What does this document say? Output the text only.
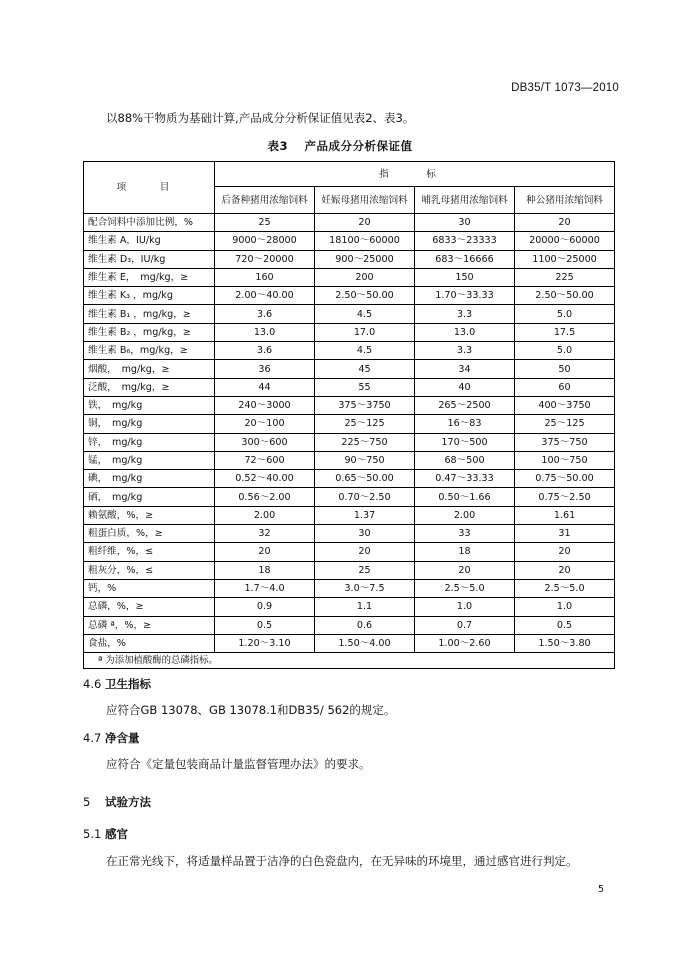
DB35/T 1073—2010
以88%干物质为基础计算,产品成分分析保证值见表2、表3。
表3　 产品成分分析保证值
项　目	指　标			
	后备种猪用浓缩饲料	妊娠母猪用浓缩饲料	哺乳母猪用浓缩饲料	种公猪用浓缩饲料
配合饲料中添加比例，%	25	20	30	20
维生素 A，IU/kg	9000～28000	18100～60000	6833～23333	20000～60000
维生素 D₃，IU/kg	720～20000	900～25000	683～16666	1100～25000
维生素 E，　mg/kg，≥	160	200	150	225
维生素 K₃ ，mg/kg	2.00～40.00	2.50～50.00	1.70～33.33	2.50～50.00
维生素 B₁ ，mg/kg，≥	3.6	4.5	3.3	5.0
维生素 B₂ ，mg/kg，≥	13.0	17.0	13.0	17.5
维生素 B₆，mg/kg，≥	3.6	4.5	3.3	5.0
烟酸，　mg/kg，≥	36	45	34	50
泛酸，　mg/kg，≥	44	55	40	60
铁，　mg/kg	240～3000	375～3750	265～2500	400～3750
铜，　mg/kg	20～100	25～125	16～83	25～125
锌，　mg/kg	300～600	225～750	170～500	375～750
锰，　mg/kg	72～600	90～750	68～500	100～750
碘，　mg/kg	0.52～40.00	0.65～50.00	0.47～33.33	0.75～50.00
硒，　mg/kg	0.56～2.00	0.70～2.50	0.50～1.66	0.75～2.50
赖氨酸，%，≥	2.00	1.37	2.00	1.61
粗蛋白质，%，≥	32	30	33	31
粗纤维，%，≤	20	20	18	20
粗灰分，%，≤	18	25	20	20
钙，%	1.7～4.0	3.0～7.5	2.5～5.0	2.5～5.0
总磷，%，≥	0.9	1.1	1.0	1.0
总磷 ª，%，≥	0.5	0.6	0.7	0.5
食盐，%	1.20～3.10	1.50～4.00	1.00～2.60	1.50～3.80
ª 为添加植酸酶的总磷指标。				
4.6 卫生指标
应符合GB 13078、GB 13078.1和DB35/ 562的规定。
4.7 净含量
应符合《定量包装商品计量监督管理办法》的要求。
5 试验方法
5.1 感官
在正常光线下，将适量样品置于洁净的白色瓷盘内，在无异味的环境里，通过感官进行判定。
5
